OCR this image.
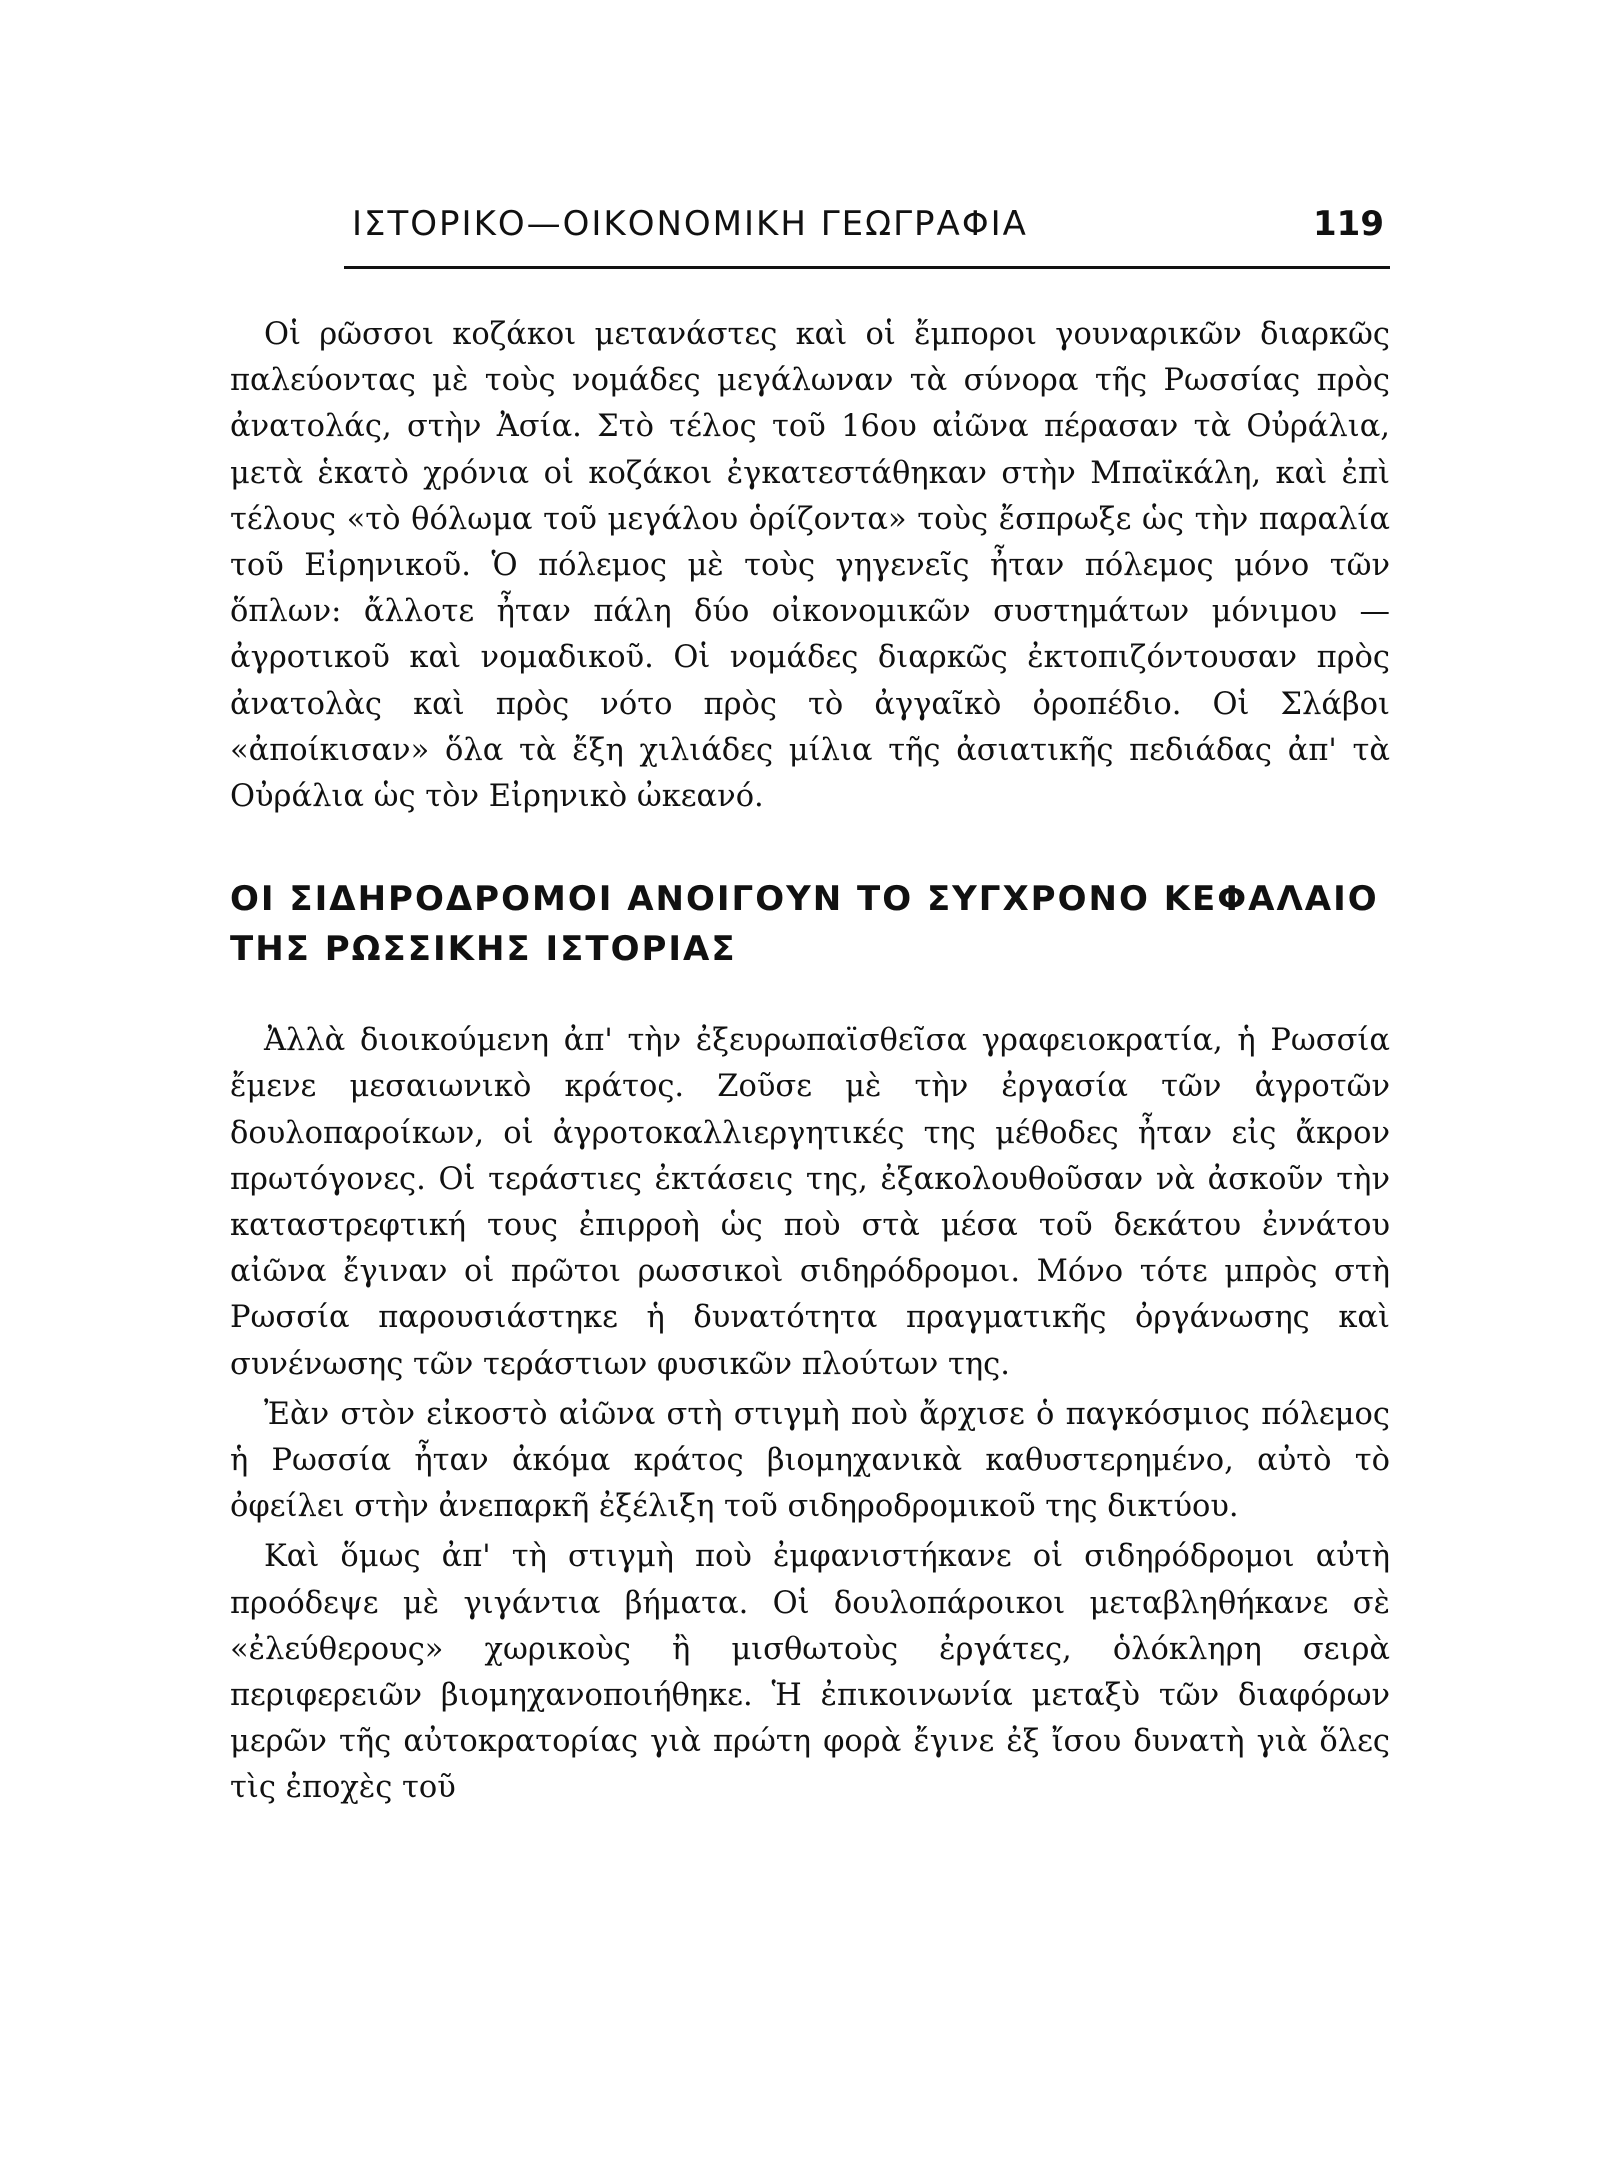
ΙΣΤΟΡΙΚΟ—ΟΙΚΟΝΟΜΙΚΗ ΓΕΩΓΡΑΦΙΑ	119

Οἱ ρῶσσοι κοζάκοι μετανάστες καὶ οἱ ἔμποροι γουναρικῶν διαρκῶς παλεύοντας μὲ τοὺς νομάδες μεγάλωναν τὰ σύνορα τῆς Ρωσσίας πρὸς ἀνατολάς, στὴν Ἀσία. Στὸ τέλος τοῦ 16ου αἰῶνα πέρασαν τὰ Οὐράλια, μετὰ ἑκατὸ χρόνια οἱ κοζάκοι ἐγκατεστάθηκαν στὴν Μπαϊκάλη, καὶ ἐπὶ τέλους «τὸ θόλωμα τοῦ μεγάλου ὁρίζοντα» τοὺς ἔσπρωξε ὡς τὴν παραλία τοῦ Εἰρηνικοῦ. Ὁ πόλεμος μὲ τοὺς γηγενεῖς ἦταν πόλεμος μόνο τῶν ὅπλων: ἄλλοτε ἦταν πάλη δύο οἰκονομικῶν συστημάτων μόνιμου — ἀγροτικοῦ καὶ νομαδικοῦ. Οἱ νομάδες διαρκῶς ἐκτοπιζόντουσαν πρὸς ἀνατολὰς καὶ πρὸς νότο πρὸς τὸ ἀγγαῖκὸ ὀροπέδιο. Οἱ Σλάβοι «ἀποίκισαν» ὅλα τὰ ἔξη χιλιάδες μίλια τῆς ἀσιατικῆς πεδιάδας ἀπ' τὰ Οὐράλια ὡς τὸν Εἰρηνικὸ ὠκεανό.

ΟΙ ΣΙΔΗΡΟΔΡΟΜΟΙ ΑΝΟΙΓΟΥΝ ΤΟ ΣΥΓΧΡΟΝΟ ΚΕΦΑΛΑΙΟ ΤΗΣ ΡΩΣΣΙΚΗΣ ΙΣΤΟΡΙΑΣ

Ἀλλὰ διοικούμενη ἀπ' τὴν ἐξευρωπαϊσθεῖσα γραφειοκρατία, ἡ Ρωσσία ἔμενε μεσαιωνικὸ κράτος. Ζοῦσε μὲ τὴν ἐργασία τῶν ἀγροτῶν δουλοπαροίκων, οἱ ἀγροτοκαλλιεργητικές της μέθοδες ἦταν εἰς ἄκρον πρωτόγονες. Οἱ τεράστιες ἐκτάσεις της, ἐξακολουθοῦσαν νὰ ἀσκοῦν τὴν καταστρεφτική τους ἐπιρροὴ ὡς ποὺ στὰ μέσα τοῦ δεκάτου ἐννάτου αἰῶνα ἔγιναν οἱ πρῶτοι ρωσσικοὶ σιδηρόδρομοι. Μόνο τότε μπρὸς στὴ Ρωσσία παρουσιάστηκε ἡ δυνατότητα πραγματικῆς ὀργάνωσης καὶ συνένωσης τῶν τεράστιων φυσικῶν πλούτων της.

Ἐὰν στὸν εἰκοστὸ αἰῶνα στὴ στιγμὴ ποὺ ἄρχισε ὁ παγκόσμιος πόλεμος ἡ Ρωσσία ἦταν ἀκόμα κράτος βιομηχανικὰ καθυστερημένο, αὐτὸ τὸ ὀφείλει στὴν ἀνεπαρκῆ ἐξέλιξη τοῦ σιδηροδρομικοῦ της δικτύου.

Καὶ ὅμως ἀπ' τὴ στιγμὴ ποὺ ἐμφανιστήκανε οἱ σιδηρόδρομοι αὐτὴ προόδεψε μὲ γιγάντια βήματα. Οἱ δουλοπάροικοι μεταβληθήκανε σὲ «ἐλεύθερους» χωρικοὺς ἢ μισθωτοὺς ἐργάτες, ὁλόκληρη σειρὰ περιφερειῶν βιομηχανοποιήθηκε. Ἡ ἐπικοινωνία μεταξὺ τῶν διαφόρων μερῶν τῆς αὐτοκρατορίας γιὰ πρώτη φορὰ ἔγινε ἐξ ἴσου δυνατὴ γιὰ ὅλες τὶς ἐποχὲς τοῦ
